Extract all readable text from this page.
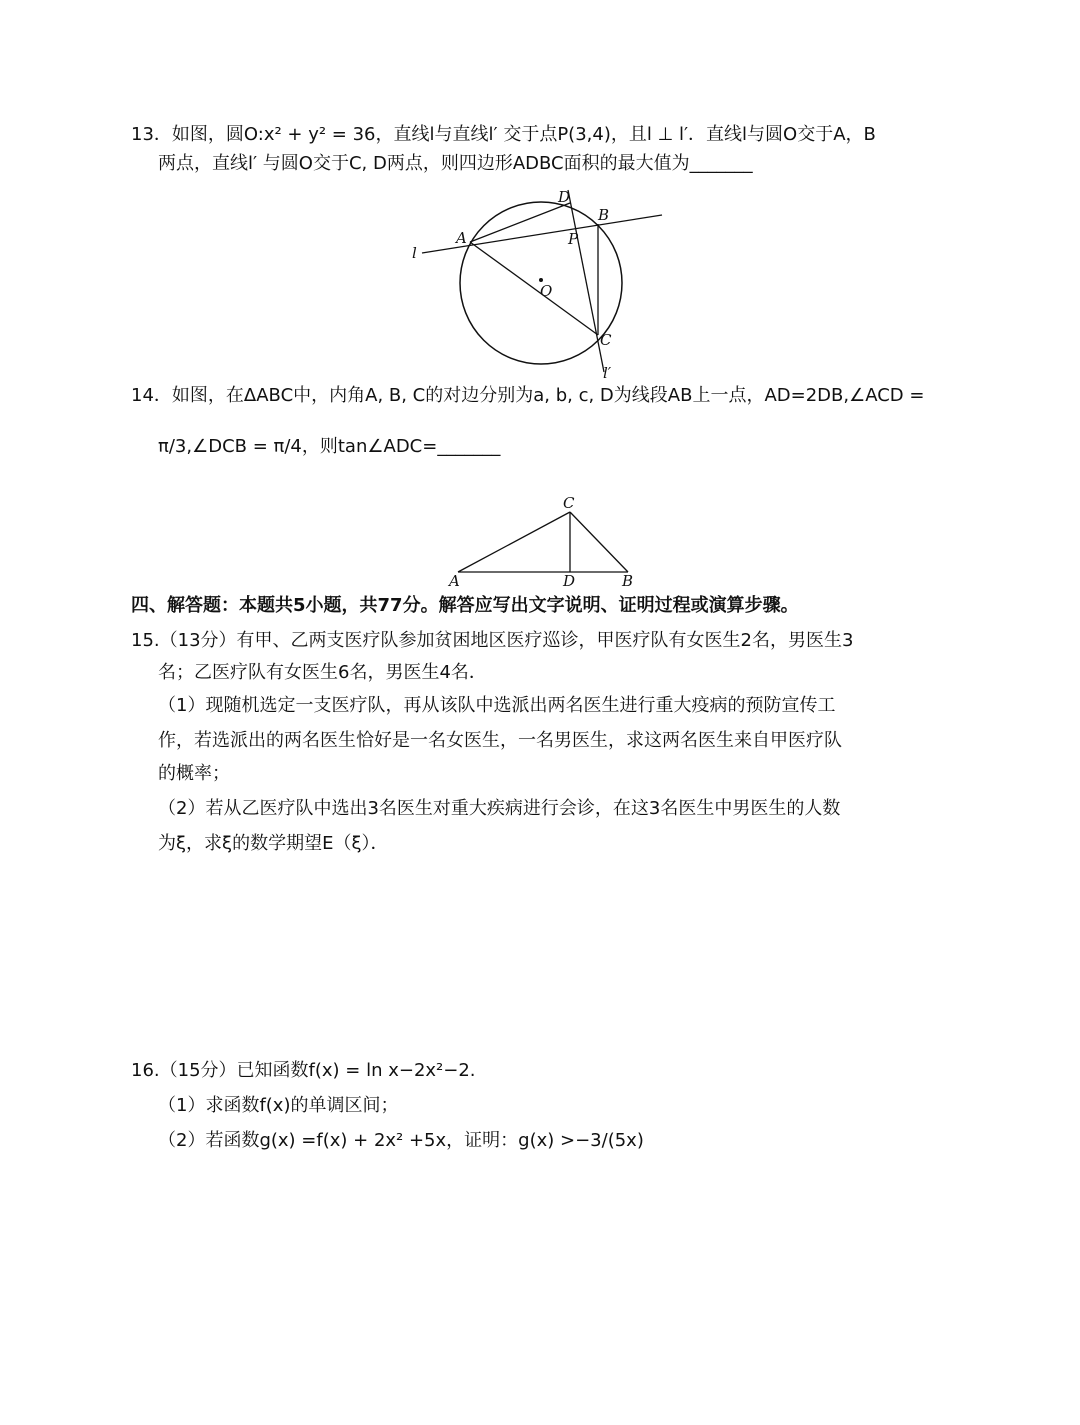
13．如图，圆O:x² + y² = 36，直线l与直线l′ 交于点P(3,4)，且l ⊥ l′．直线l与圆O交于A，B
两点，直线l′ 与圆O交于C, D两点，则四边形ADBC面积的最大值为_______
A
B
C
D
P
O
l
l′
A	B
C
D
14．如图，在ΔABC中，内角A, B, C的对边分别为a, b, c, D为线段AB上一点，AD=2DB,∠ACD =
π/3,∠DCB = π/4，则tan∠ADC=_______
四、解答题：本题共5小题，共77分。解答应写出文字说明、证明过程或演算步骤。
15.（13分）有甲、乙两支医疗队参加贫困地区医疗巡诊，甲医疗队有女医生2名，男医生3
名；乙医疗队有女医生6名，男医生4名．
（1）现随机选定一支医疗队，再从该队中选派出两名医生进行重大疫病的预防宣传工
作，若选派出的两名医生恰好是一名女医生，一名男医生，求这两名医生来自甲医疗队
的概率；
（2）若从乙医疗队中选出3名医生对重大疾病进行会诊，在这3名医生中男医生的人数
为ξ，求ξ的数学期望E（ξ）．
16.（15分）已知函数f(x) = ln x−2x²−2.
（1）求函数f(x)的单调区间；
（2）若函数g(x) =f(x) + 2x² +5x，证明：g(x) >−3/(5x)
